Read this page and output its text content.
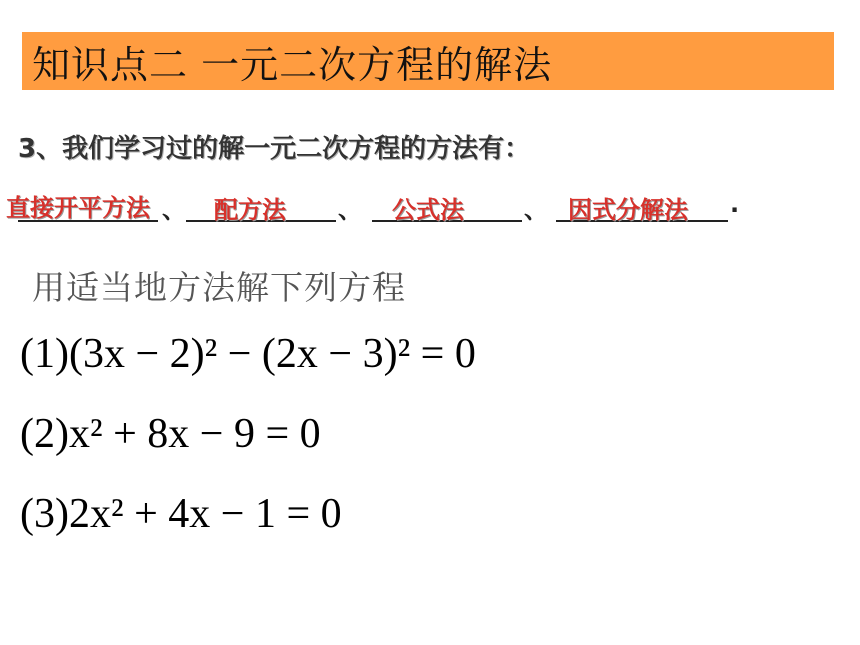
知识点二 一元二次方程的解法
3、我们学习过的解一元二次方程的方法有：
直接开平方法 、 配方法 、 公式法	、 因式分解法 .
用适当地方法解下列方程
(1)(3x − 2)² − (2x − 3)² = 0
(2)x² + 8x − 9 = 0
(3)2x² + 4x − 1 = 0
